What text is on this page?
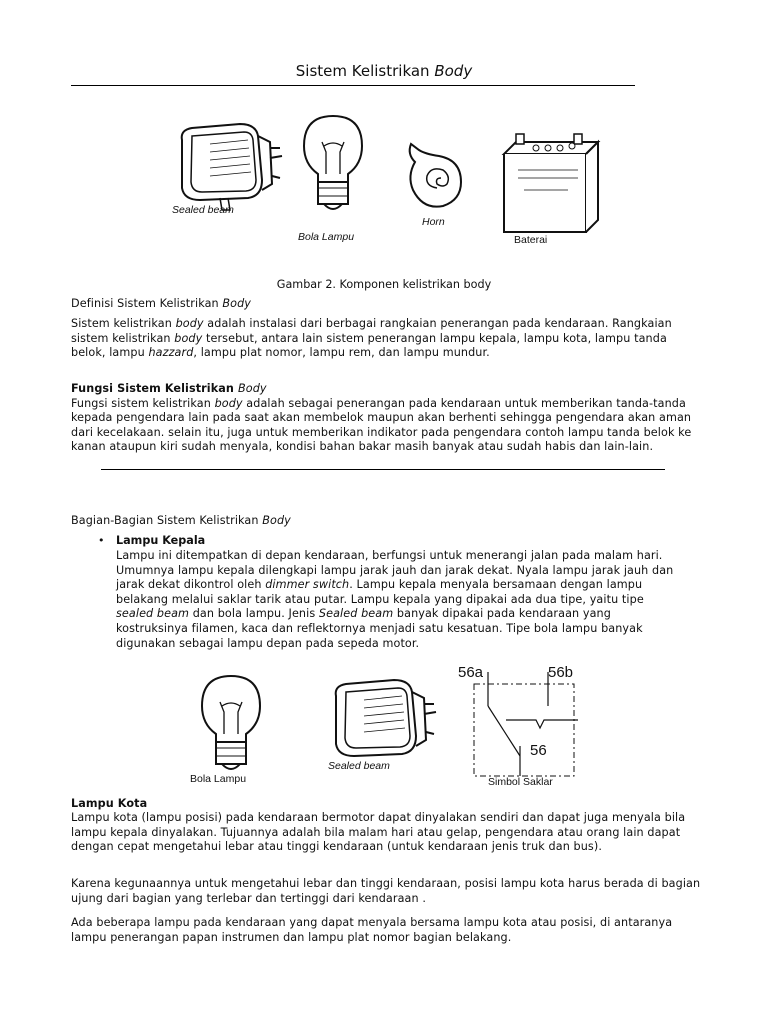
Sistem Kelistrikan Body
Sealed beam
Bola Lampu
Horn
Baterai
Gambar 2. Komponen kelistrikan body
Definisi Sistem Kelistrikan Body
Sistem kelistrikan body adalah instalasi dari berbagai rangkaian penerangan pada kendaraan. Rangkaian sistem kelistrikan body tersebut, antara lain sistem penerangan lampu kepala, lampu kota, lampu tanda belok, lampu hazzard, lampu plat nomor, lampu rem, dan lampu mundur.
Fungsi Sistem Kelistrikan Body
Fungsi sistem kelistrikan body adalah sebagai penerangan pada kendaraan untuk memberikan tanda-tanda kepada pengendara lain pada saat akan membelok maupun akan berhenti sehingga pengendara akan aman dari kecelakaan. selain itu, juga untuk memberikan indikator pada pengendara contoh lampu tanda belok ke kanan ataupun kiri sudah menyala, kondisi bahan bakar masih banyak atau sudah habis dan lain-lain.
Bagian-Bagian Sistem Kelistrikan Body
• Lampu Kepala
Lampu ini ditempatkan di depan kendaraan, berfungsi untuk menerangi jalan pada malam hari. Umumnya lampu kepala dilengkapi lampu jarak jauh dan jarak dekat. Nyala lampu jarak jauh dan jarak dekat dikontrol oleh dimmer switch. Lampu kepala menyala bersamaan dengan lampu belakang melalui saklar tarik atau putar. Lampu kepala yang dipakai ada dua tipe, yaitu tipe sealed beam dan bola lampu. Jenis Sealed beam banyak dipakai pada kendaraan yang kostruksinya filamen, kaca dan reflektornya menjadi satu kesatuan. Tipe bola lampu banyak digunakan sebagai lampu depan pada sepeda motor.
Bola Lampu
Sealed beam
56a	56b
56
Simbol Saklar
Lampu Kota
Lampu kota (lampu posisi) pada kendaraan bermotor dapat dinyalakan sendiri dan dapat juga menyala bila lampu kepala dinyalakan. Tujuannya adalah bila malam hari atau gelap, pengendara atau orang lain dapat dengan cepat mengetahui lebar atau tinggi kendaraan (untuk kendaraan jenis truk dan bus).
Karena kegunaannya untuk mengetahui lebar dan tinggi kendaraan, posisi lampu kota harus berada di bagian ujung dari bagian yang terlebar dan tertinggi dari kendaraan .
Ada beberapa lampu pada kendaraan yang dapat menyala bersama lampu kota atau posisi, di antaranya lampu penerangan papan instrumen dan lampu plat nomor bagian belakang.
